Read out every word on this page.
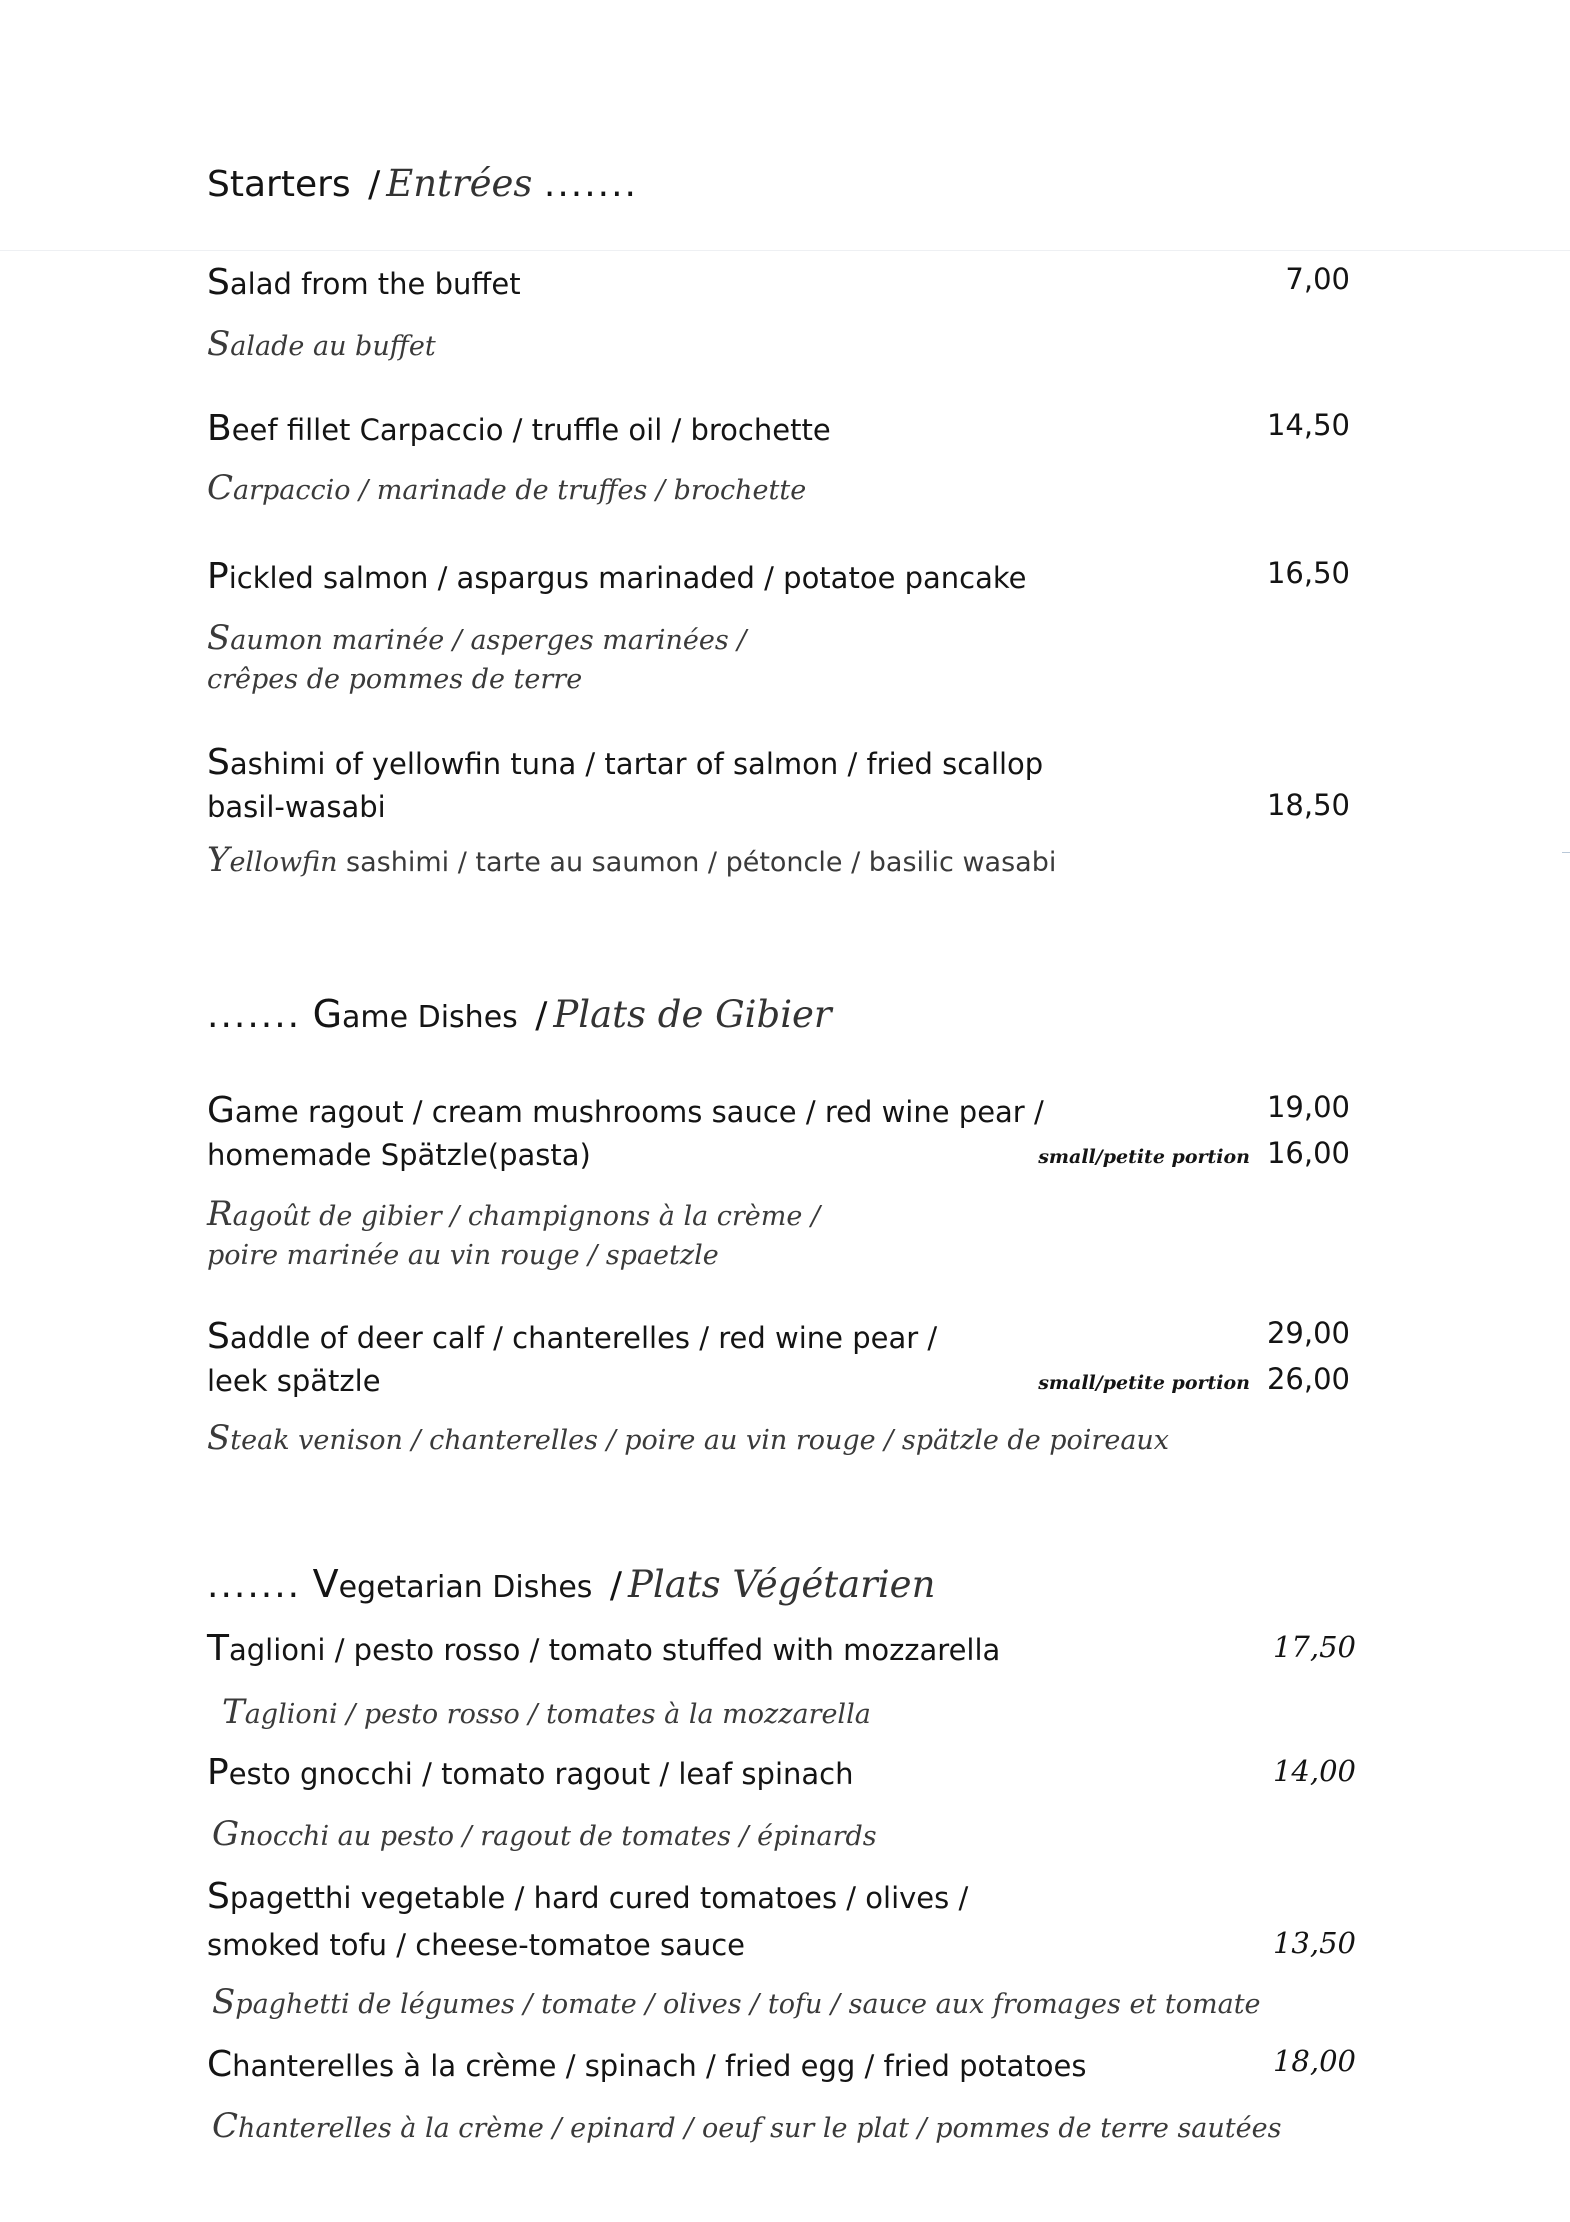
Starters / Entrées .......
Salad from the buffet	7,00
Salade au buffet
Beef fillet Carpaccio / truffle oil / brochette	14,50
Carpaccio / marinade de truffes / brochette
Pickled salmon / aspargus marinaded / potatoe pancake	16,50
Saumon marinée / asperges marinées /
crêpes de pommes de terre
Sashimi of yellowfin tuna / tartar of salmon / fried scallop
basil-wasabi	18,50
Yellowfin sashimi / tarte au saumon / pétoncle / basilic wasabi
....... Game Dishes / Plats de Gibier
Game ragout / cream mushrooms sauce / red wine pear /	19,00
homemade Spätzle(pasta)	small/petite portion 16,00
Ragoût de gibier / champignons à la crème /
poire marinée au vin rouge / spaetzle
Saddle of deer calf / chanterelles / red wine pear /	29,00
leek spätzle	small/petite portion 26,00
Steak venison / chanterelles / poire au vin rouge / spätzle de poireaux
....... Vegetarian Dishes / Plats Végétarien
Taglioni / pesto rosso / tomato stuffed with mozzarella	17,50
Taglioni / pesto rosso / tomates à la mozzarella
Pesto gnocchi / tomato ragout / leaf spinach	14,00
Gnocchi au pesto / ragout de tomates / épinards
Spagetthi vegetable / hard cured tomatoes / olives /
smoked tofu / cheese-tomatoe sauce	13,50
Spaghetti de légumes / tomate / olives / tofu / sauce aux fromages et tomate
Chanterelles à la crème / spinach / fried egg / fried potatoes	18,00
Chanterelles à la crème / epinard / oeuf sur le plat / pommes de terre sautées
